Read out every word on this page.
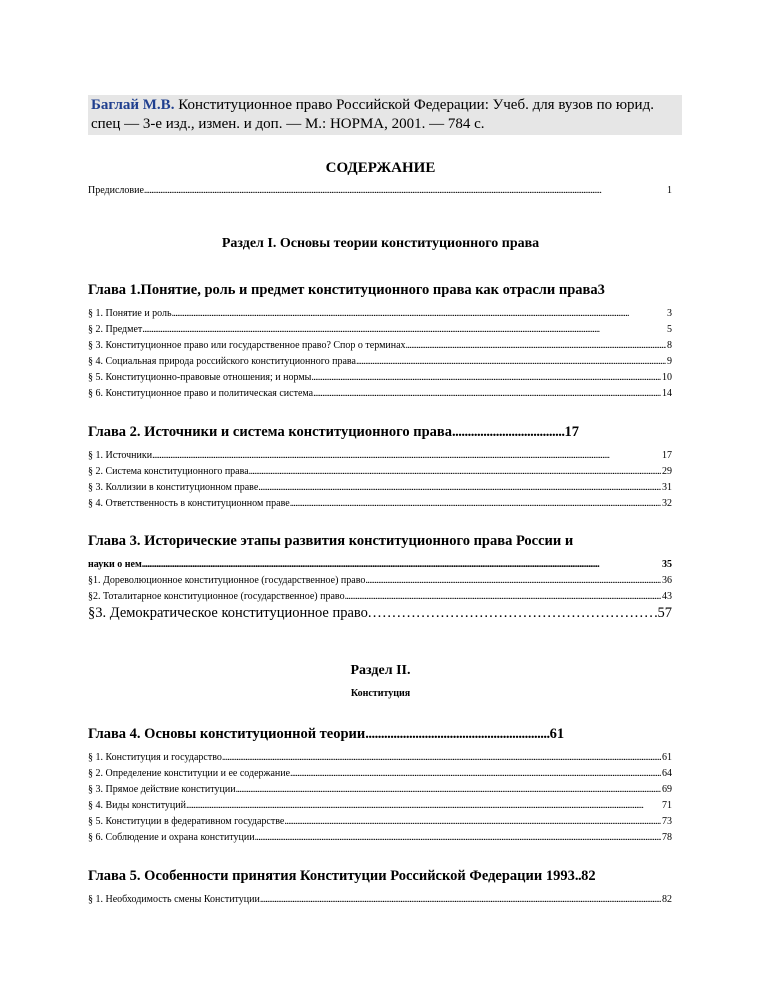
Баглай М.В. Конституционное право Российской Федерации: Учеб. для вузов по юрид. спец — 3-е изд., измен. и доп. — М.: НОРМА, 2001. — 784 с.
СОДЕРЖАНИЕ
Предисловие . . .	1
Раздел I. Основы теории конституционного права
Глава 1.Понятие, роль и предмет конституционного права как отрасли права3
§ 1. Понятие и роль . . .	3
§ 2. Предмет . . .	5
§ 3. Конституционное право или государственное право? Спор о терминах . . .	8
§ 4. Социальная природа российского конституционного права . . .	9
§ 5. Конституционно-правовые отношения; и нормы . . .	10
§ 6. Конституционное право и политическая система . . .	14
Глава 2. Источники и система конституционного права....................................17
§ 1. Источники . . .	17
§ 2. Система конституционного права . . .	29
§ 3. Коллизии в конституционном праве . . .	31
§ 4. Ответственность в конституционном праве . . .	32
Глава 3. Исторические этапы развития конституционного права России и
науки о нем . . .	35
§1. Дореволюционное конституционное (государственное) право . . .	36
§2. Тоталитарное конституционное (государственное) право . . .	43
§3. Демократическое конституционное право . . .	57
Раздел II.
Конституция
Глава 4. Основы конституционной теории...........................................................61
§ 1. Конституция и государство . . .	61
§ 2. Определение конституции и ее содержание . . .	64
§ 3. Прямое действие конституции . . .	69
§ 4. Виды конституций . . .	71
§ 5. Конституции в федеративном государстве . . .	73
§ 6. Соблюдение и охрана конституции . . .	78
Глава 5. Особенности принятия Конституции Российской Федерации 1993..82
§ 1. Необходимость смены Конституции . . .	82
